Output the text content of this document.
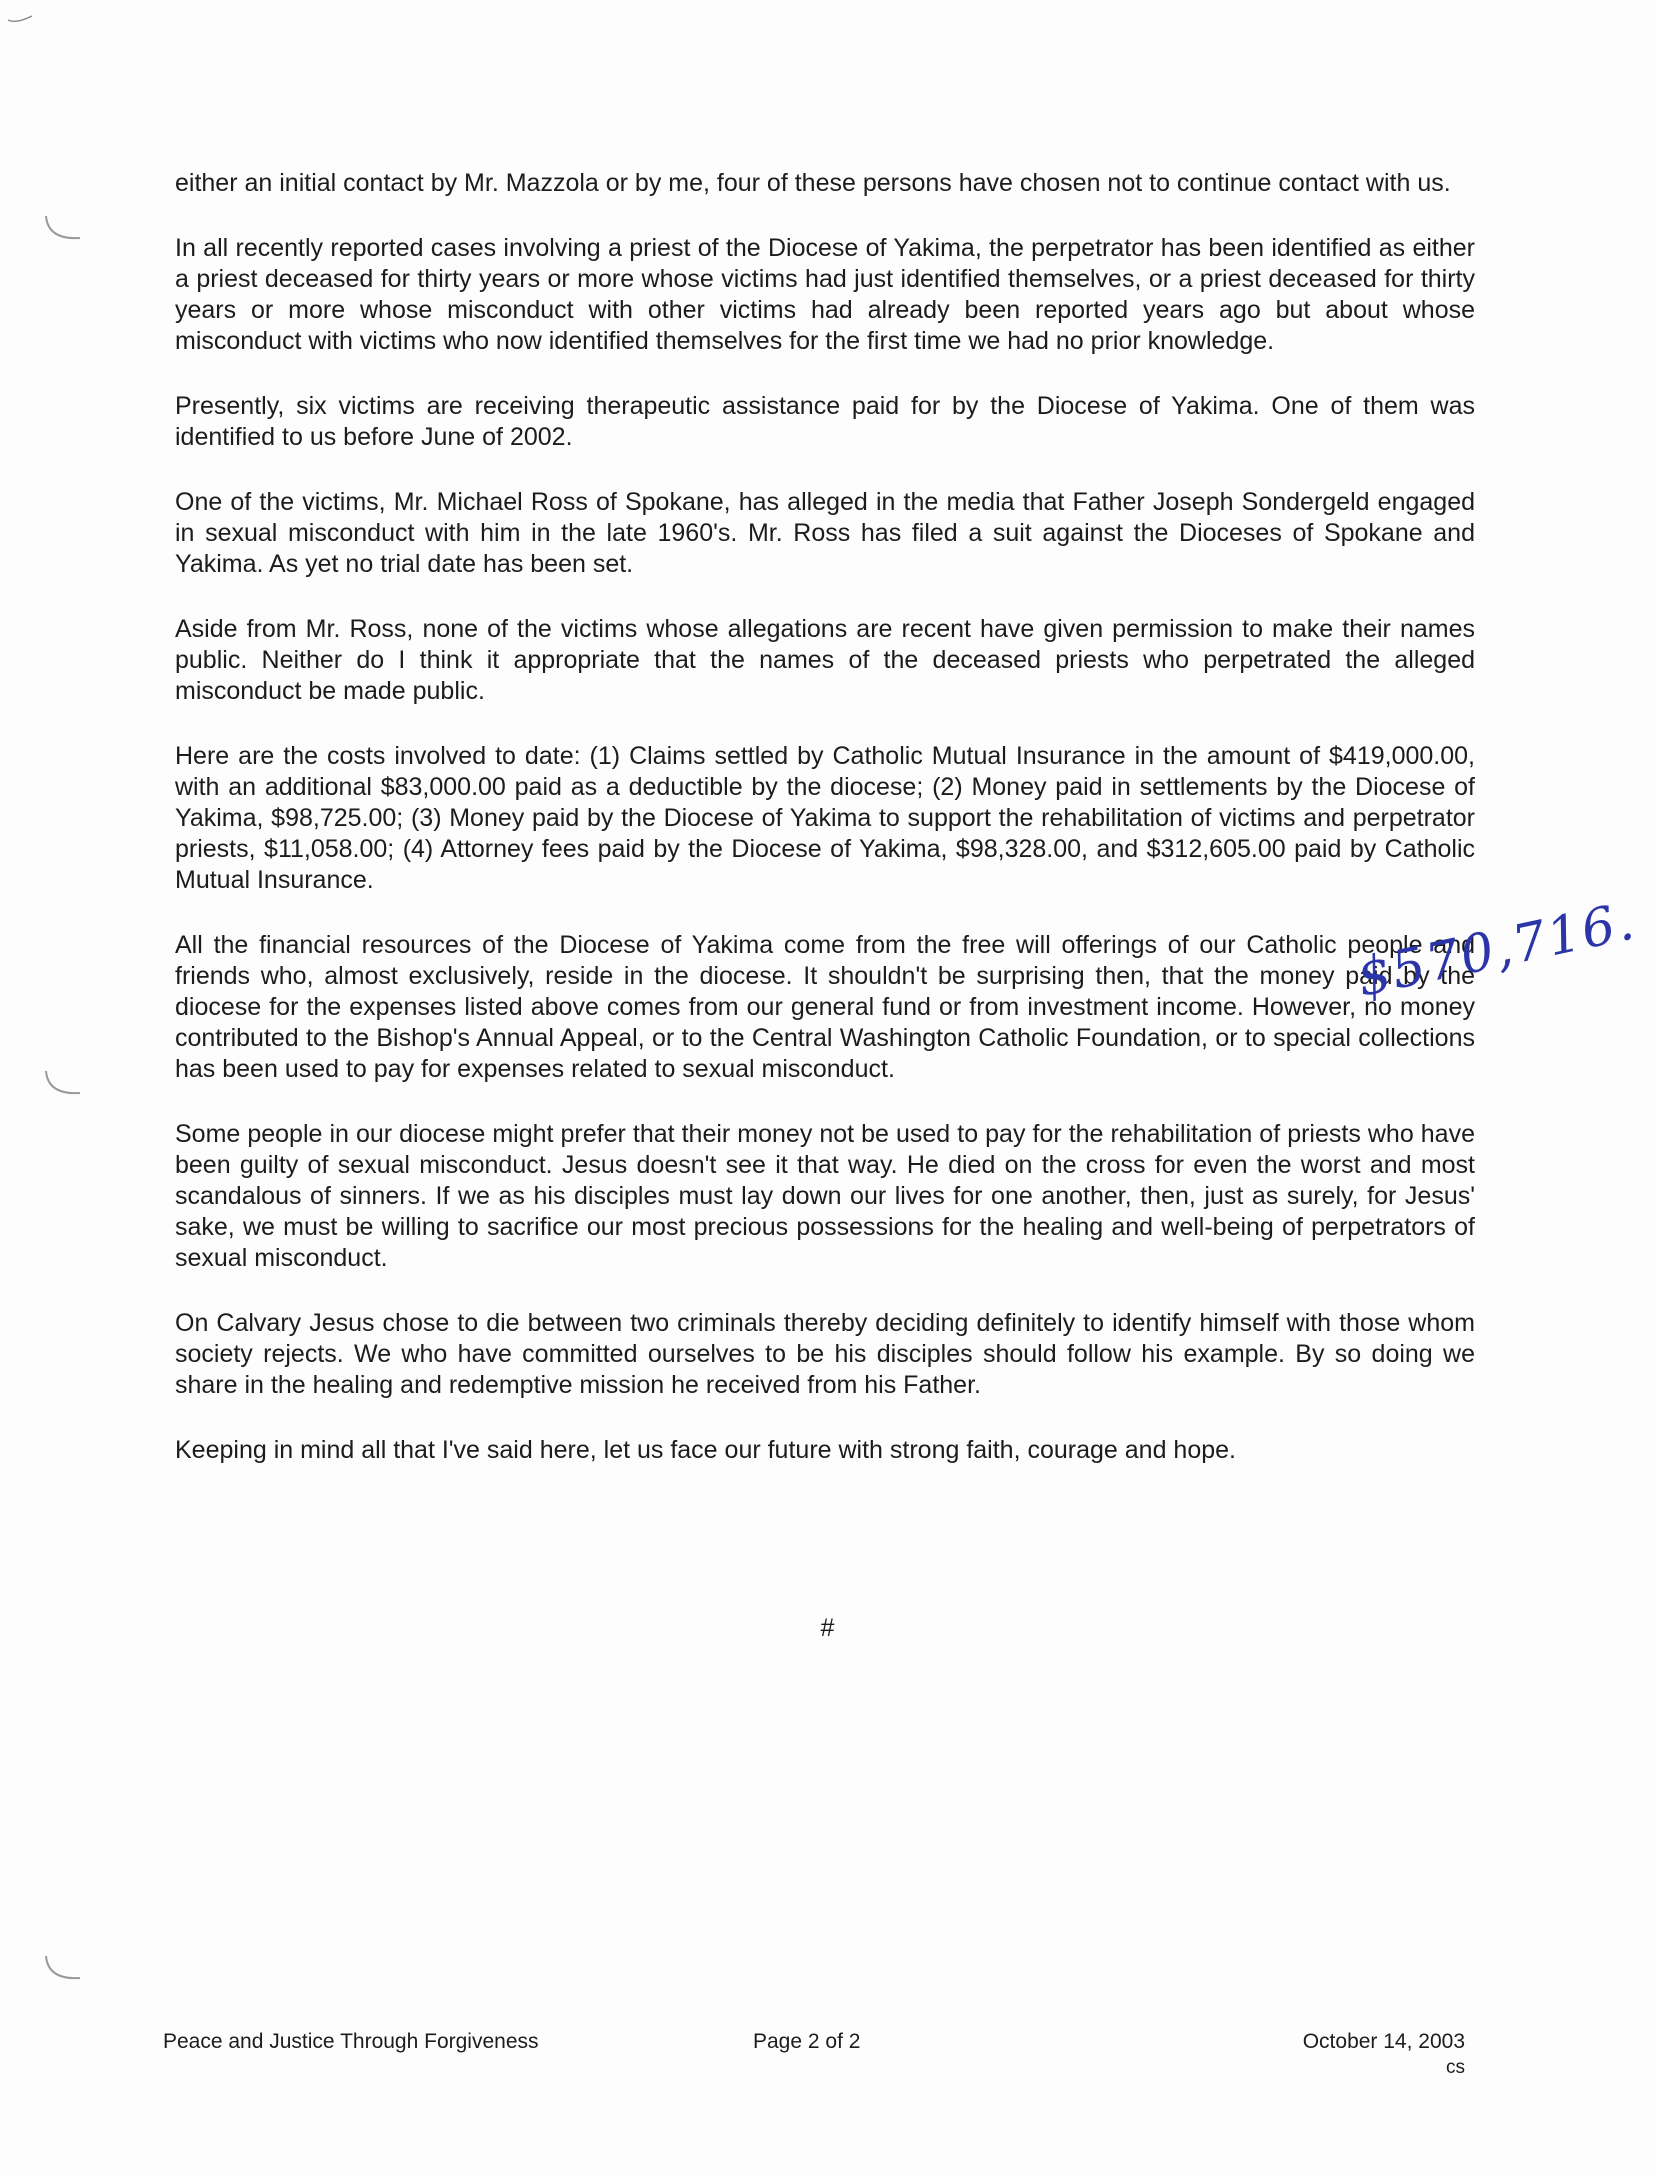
either an initial contact by Mr. Mazzola or by me, four of these persons have chosen not to continue contact with us.

In all recently reported cases involving a priest of the Diocese of Yakima, the perpetrator has been identified as either a priest deceased for thirty years or more whose victims had just identified themselves, or a priest deceased for thirty years or more whose misconduct with other victims had already been reported years ago but about whose misconduct with victims who now identified themselves for the first time we had no prior knowledge.

Presently, six victims are receiving therapeutic assistance paid for by the Diocese of Yakima. One of them was identified to us before June of 2002.

One of the victims, Mr. Michael Ross of Spokane, has alleged in the media that Father Joseph Sondergeld engaged in sexual misconduct with him in the late 1960's. Mr. Ross has filed a suit against the Dioceses of Spokane and Yakima. As yet no trial date has been set.

Aside from Mr. Ross, none of the victims whose allegations are recent have given permission to make their names public. Neither do I think it appropriate that the names of the deceased priests who perpetrated the alleged misconduct be made public.

Here are the costs involved to date: (1) Claims settled by Catholic Mutual Insurance in the amount of $419,000.00, with an additional $83,000.00 paid as a deductible by the diocese; (2) Money paid in settlements by the Diocese of Yakima, $98,725.00; (3) Money paid by the Diocese of Yakima to support the rehabilitation of victims and perpetrator priests, $11,058.00; (4) Attorney fees paid by the Diocese of Yakima, $98,328.00, and $312,605.00 paid by Catholic Mutual Insurance.

All the financial resources of the Diocese of Yakima come from the free will offerings of our Catholic people and friends who, almost exclusively, reside in the diocese. It shouldn't be surprising then, that the money paid by the diocese for the expenses listed above comes from our general fund or from investment income. However, no money contributed to the Bishop's Annual Appeal, or to the Central Washington Catholic Foundation, or to special collections has been used to pay for expenses related to sexual misconduct.

Some people in our diocese might prefer that their money not be used to pay for the rehabilitation of priests who have been guilty of sexual misconduct. Jesus doesn't see it that way. He died on the cross for even the worst and most scandalous of sinners. If we as his disciples must lay down our lives for one another, then, just as surely, for Jesus' sake, we must be willing to sacrifice our most precious possessions for the healing and well-being of perpetrators of sexual misconduct.

On Calvary Jesus chose to die between two criminals thereby deciding definitely to identify himself with those whom society rejects. We who have committed ourselves to be his disciples should follow his example. By so doing we share in the healing and redemptive mission he received from his Father.

Keeping in mind all that I've said here, let us face our future with strong faith, courage and hope.

$570,716.
#
Peace and Justice Through Forgiveness	Page 2 of 2	October 14, 2003
cs
